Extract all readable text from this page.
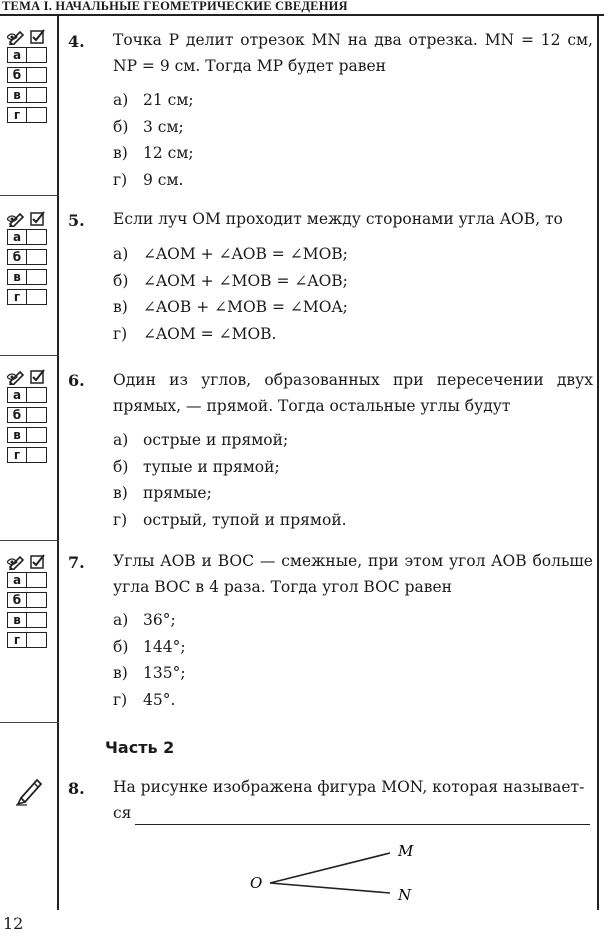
ТЕМА I. НАЧАЛЬНЫЕ ГЕОМЕТРИЧЕСКИЕ СВЕДЕНИЯ
а
б
в
г
а
б
в
г
а
б
в
г
а
б
в
г
4. Точка P делит отрезок MN на два отрезка. MN = 12 см, NP = 9 см. Тогда MP будет равен
а) 21 см;
б) 3 см;
в) 12 см;
г) 9 см.
5. Если луч OM проходит между сторонами угла AOB, то
а) ∠AOM + ∠AOB = ∠MOB;
б) ∠AOM + ∠MOB = ∠AOB;
в) ∠AOB + ∠MOB = ∠MOA;
г) ∠AOM = ∠MOB.
6. Один из углов, образованных при пересечении двух прямых, — прямой. Тогда остальные углы будут
а) острые и прямой;
б) тупые и прямой;
в) прямые;
г) острый, тупой и прямой.
7. Углы AOB и BOC — смежные, при этом угол AOB больше угла BOC в 4 раза. Тогда угол BOC равен
а) 36°;
б) 144°;
в) 135°;
г) 45°.
Часть 2
8. На рисунке изображена фигура MON, которая называет-
ся
O
M
N
12
